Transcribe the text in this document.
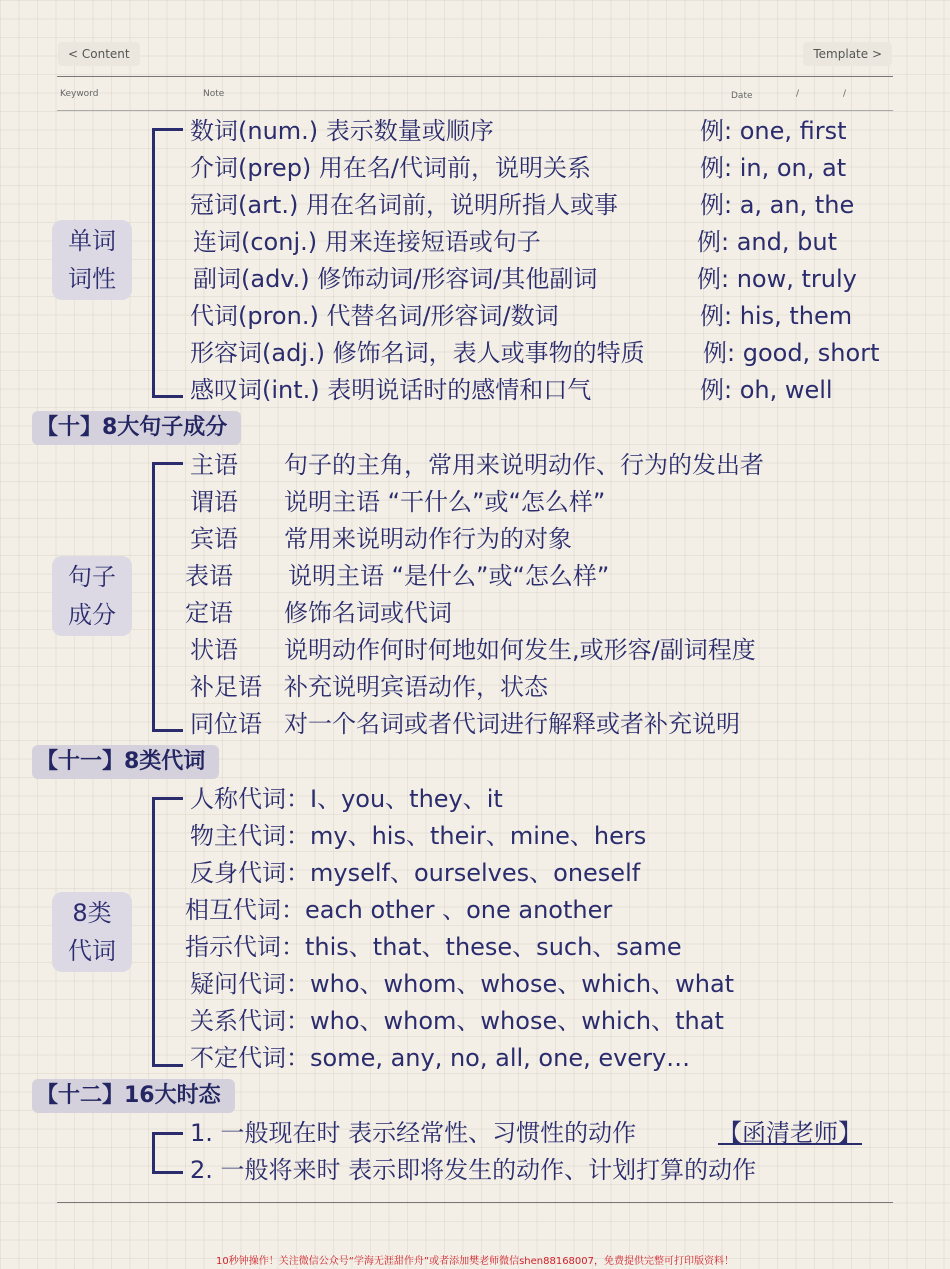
< Content	Template >
Keyword	Note	Date	/	/
单词
词性
数词(num.) 表示数量或顺序	例: one, first
介词(prep) 用在名/代词前，说明关系	例: in, on, at
冠词(art.) 用在名词前，说明所指人或事	例: a, an, the
连词(conj.) 用来连接短语或句子	例: and, but
副词(adv.) 修饰动词/形容词/其他副词	例: now, truly
代词(pron.) 代替名词/形容词/数词	例: his, them
形容词(adj.) 修饰名词，表人或事物的特质 例: good, short
感叹词(int.) 表明说话时的感情和口气	例: oh, well
【十】8大句子成分
句子
成分
主语 句子的主角，常用来说明动作、行为的发出者
谓语 说明主语 “干什么”或“怎么样”
宾语 常用来说明动作行为的对象
表语 说明主语 “是什么”或“怎么样”
定语 修饰名词或代词
状语 说明动作何时何地如何发生,或形容/副词程度
补足语 补充说明宾语动作，状态
同位语 对一个名词或者代词进行解释或者补充说明
【十一】8类代词
8类
代词
人称代词：I、you、they、it
物主代词：my、his、their、mine、hers
反身代词：myself、ourselves、oneself
相互代词：each other 、one another
指示代词：this、that、these、such、same
疑问代词：who、whom、whose、which、what
关系代词：who、whom、whose、which、that
不定代词：some, any, no, all, one, every…
【十二】16大时态
1. 一般现在时 表示经常性、习惯性的动作	【函清老师】
2. 一般将来时 表示即将发生的动作、计划打算的动作
10秒钟操作！关注微信公众号“学海无涯甜作舟”或者添加樊老师微信shen88168007，免费提供完整可打印版资料！
